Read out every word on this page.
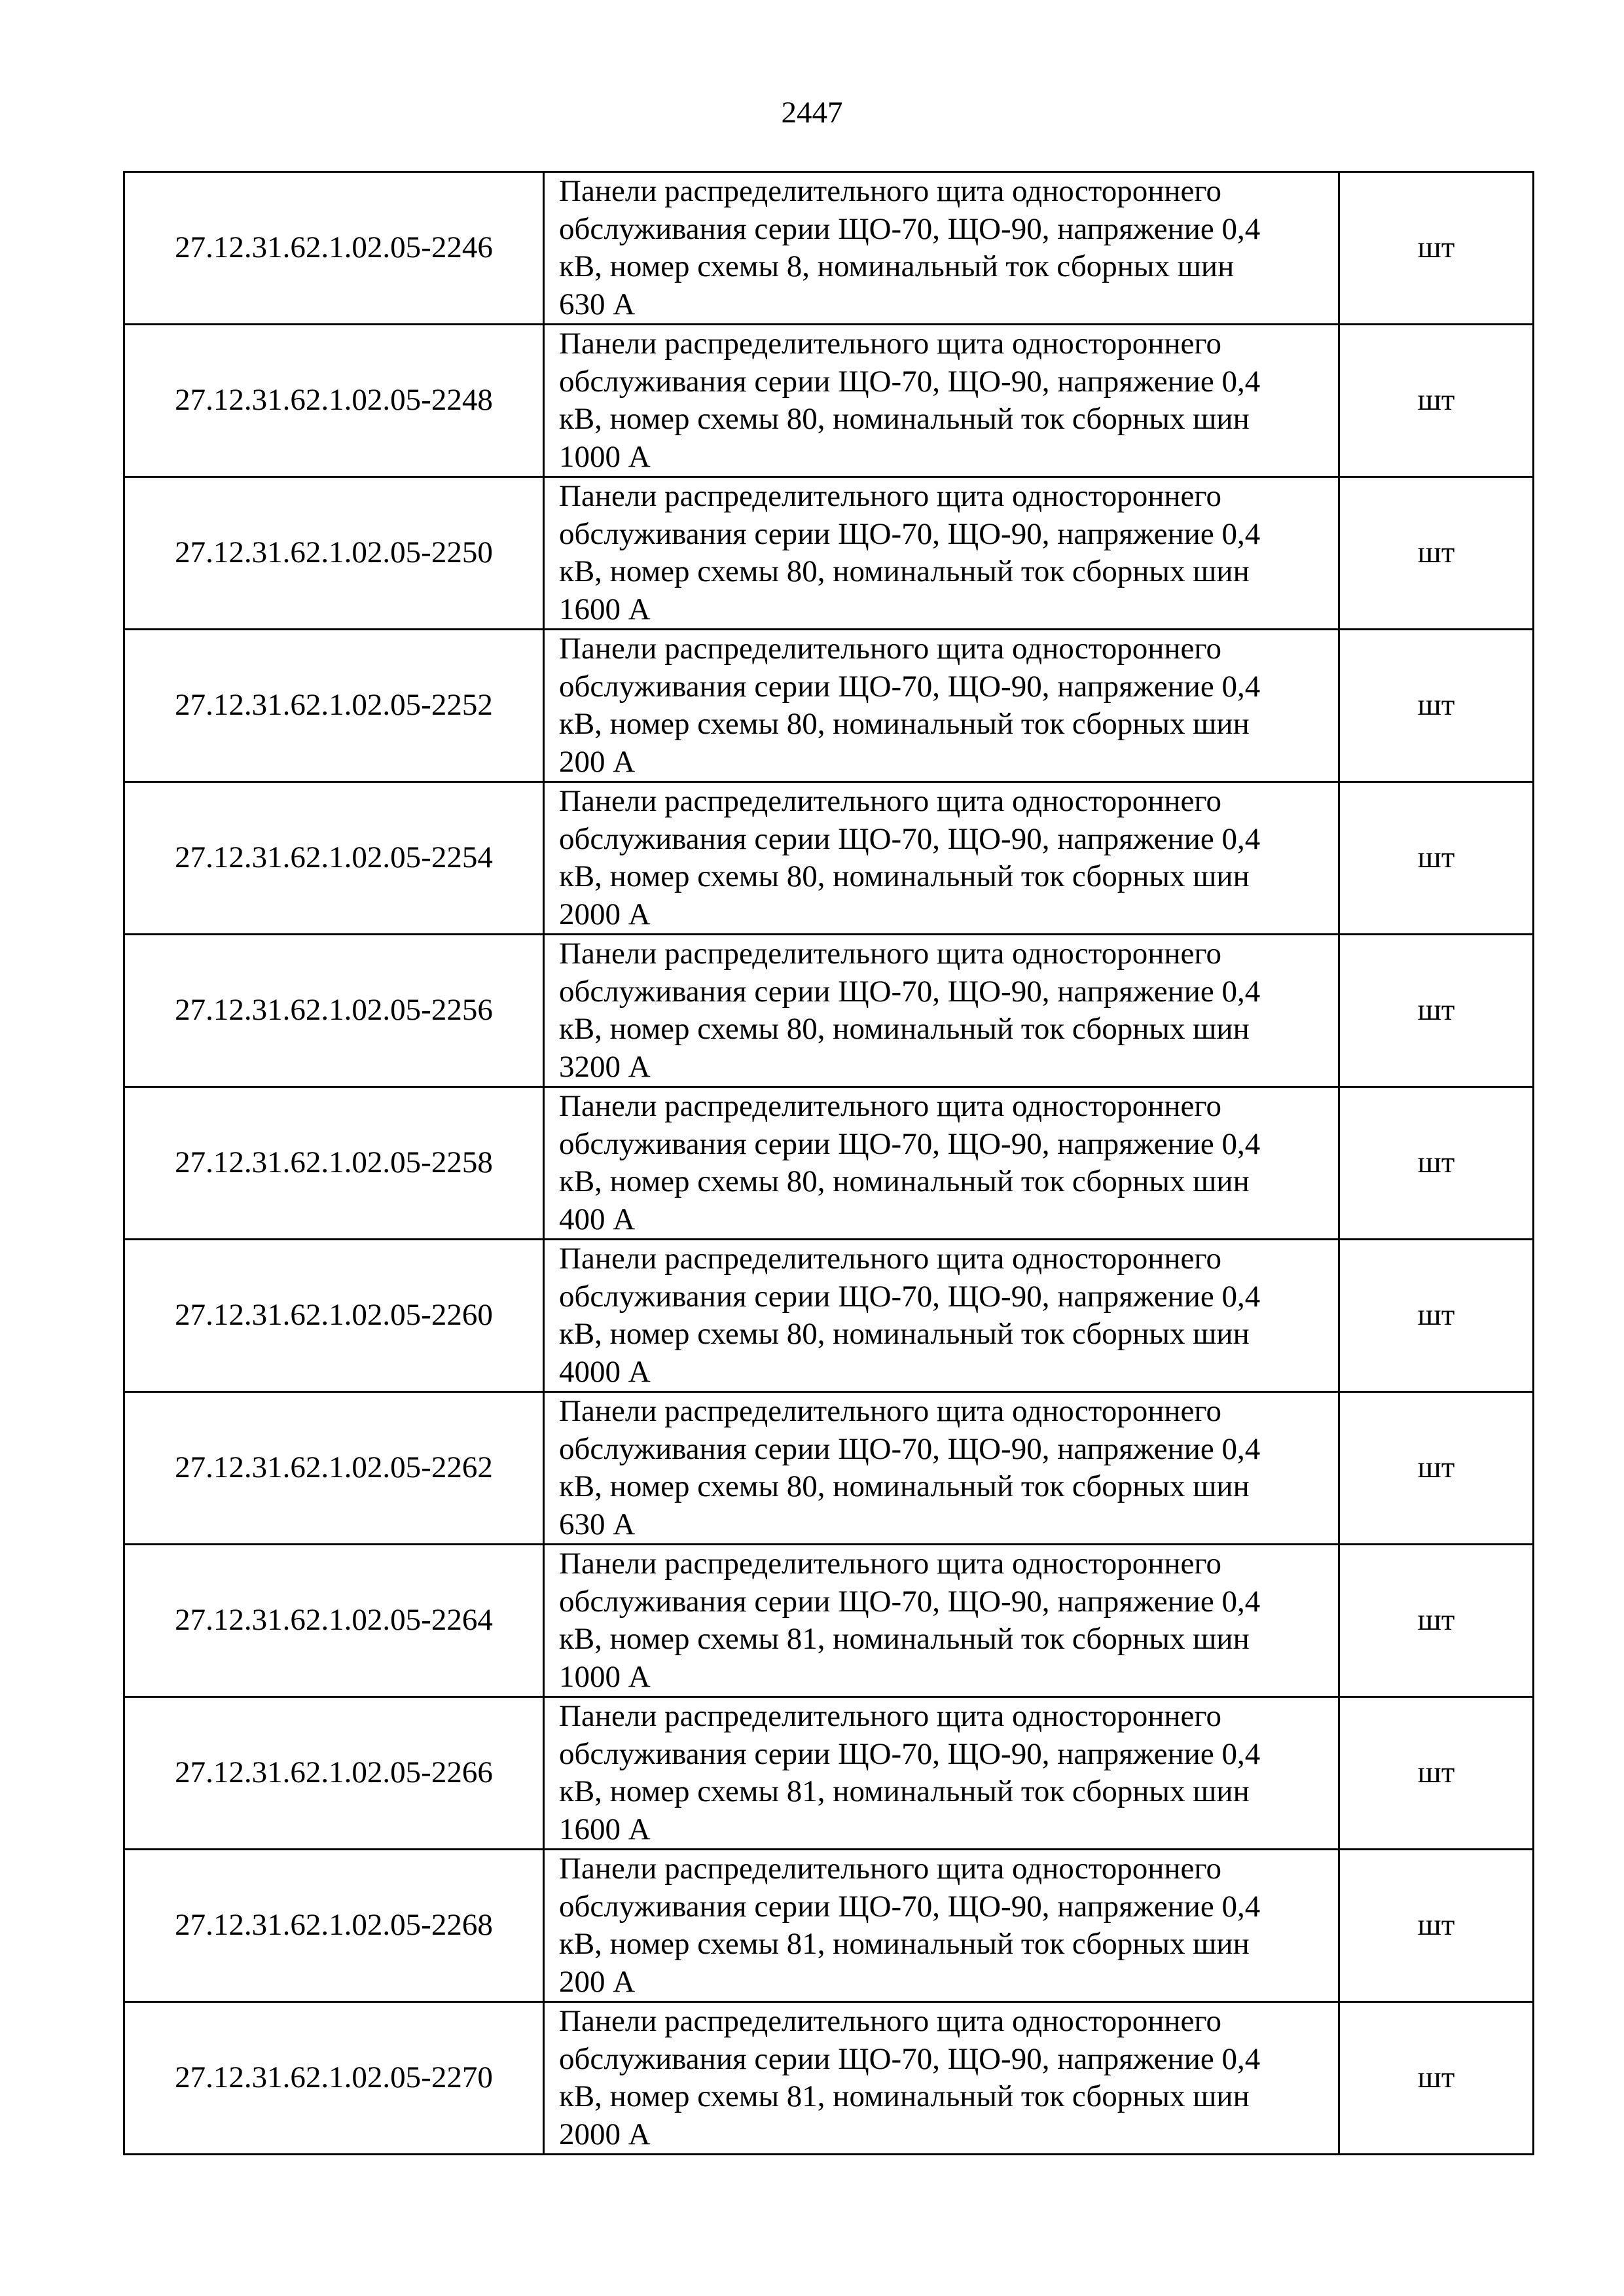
2447
27.12.31.62.1.02.05-2246	Панели распределительного щита одностороннего
обслуживания серии ЩО-70, ЩО-90, напряжение 0,4
кВ, номер схемы 8, номинальный ток сборных шин
630 А	шт
27.12.31.62.1.02.05-2248	Панели распределительного щита одностороннего
обслуживания серии ЩО-70, ЩО-90, напряжение 0,4
кВ, номер схемы 80, номинальный ток сборных шин
1000 А	шт
27.12.31.62.1.02.05-2250	Панели распределительного щита одностороннего
обслуживания серии ЩО-70, ЩО-90, напряжение 0,4
кВ, номер схемы 80, номинальный ток сборных шин
1600 А	шт
27.12.31.62.1.02.05-2252	Панели распределительного щита одностороннего
обслуживания серии ЩО-70, ЩО-90, напряжение 0,4
кВ, номер схемы 80, номинальный ток сборных шин
200 А	шт
27.12.31.62.1.02.05-2254	Панели распределительного щита одностороннего
обслуживания серии ЩО-70, ЩО-90, напряжение 0,4
кВ, номер схемы 80, номинальный ток сборных шин
2000 А	шт
27.12.31.62.1.02.05-2256	Панели распределительного щита одностороннего
обслуживания серии ЩО-70, ЩО-90, напряжение 0,4
кВ, номер схемы 80, номинальный ток сборных шин
3200 А	шт
27.12.31.62.1.02.05-2258	Панели распределительного щита одностороннего
обслуживания серии ЩО-70, ЩО-90, напряжение 0,4
кВ, номер схемы 80, номинальный ток сборных шин
400 А	шт
27.12.31.62.1.02.05-2260	Панели распределительного щита одностороннего
обслуживания серии ЩО-70, ЩО-90, напряжение 0,4
кВ, номер схемы 80, номинальный ток сборных шин
4000 А	шт
27.12.31.62.1.02.05-2262	Панели распределительного щита одностороннего
обслуживания серии ЩО-70, ЩО-90, напряжение 0,4
кВ, номер схемы 80, номинальный ток сборных шин
630 А	шт
27.12.31.62.1.02.05-2264	Панели распределительного щита одностороннего
обслуживания серии ЩО-70, ЩО-90, напряжение 0,4
кВ, номер схемы 81, номинальный ток сборных шин
1000 А	шт
27.12.31.62.1.02.05-2266	Панели распределительного щита одностороннего
обслуживания серии ЩО-70, ЩО-90, напряжение 0,4
кВ, номер схемы 81, номинальный ток сборных шин
1600 А	шт
27.12.31.62.1.02.05-2268	Панели распределительного щита одностороннего
обслуживания серии ЩО-70, ЩО-90, напряжение 0,4
кВ, номер схемы 81, номинальный ток сборных шин
200 А	шт
27.12.31.62.1.02.05-2270	Панели распределительного щита одностороннего
обслуживания серии ЩО-70, ЩО-90, напряжение 0,4
кВ, номер схемы 81, номинальный ток сборных шин
2000 А	шт
